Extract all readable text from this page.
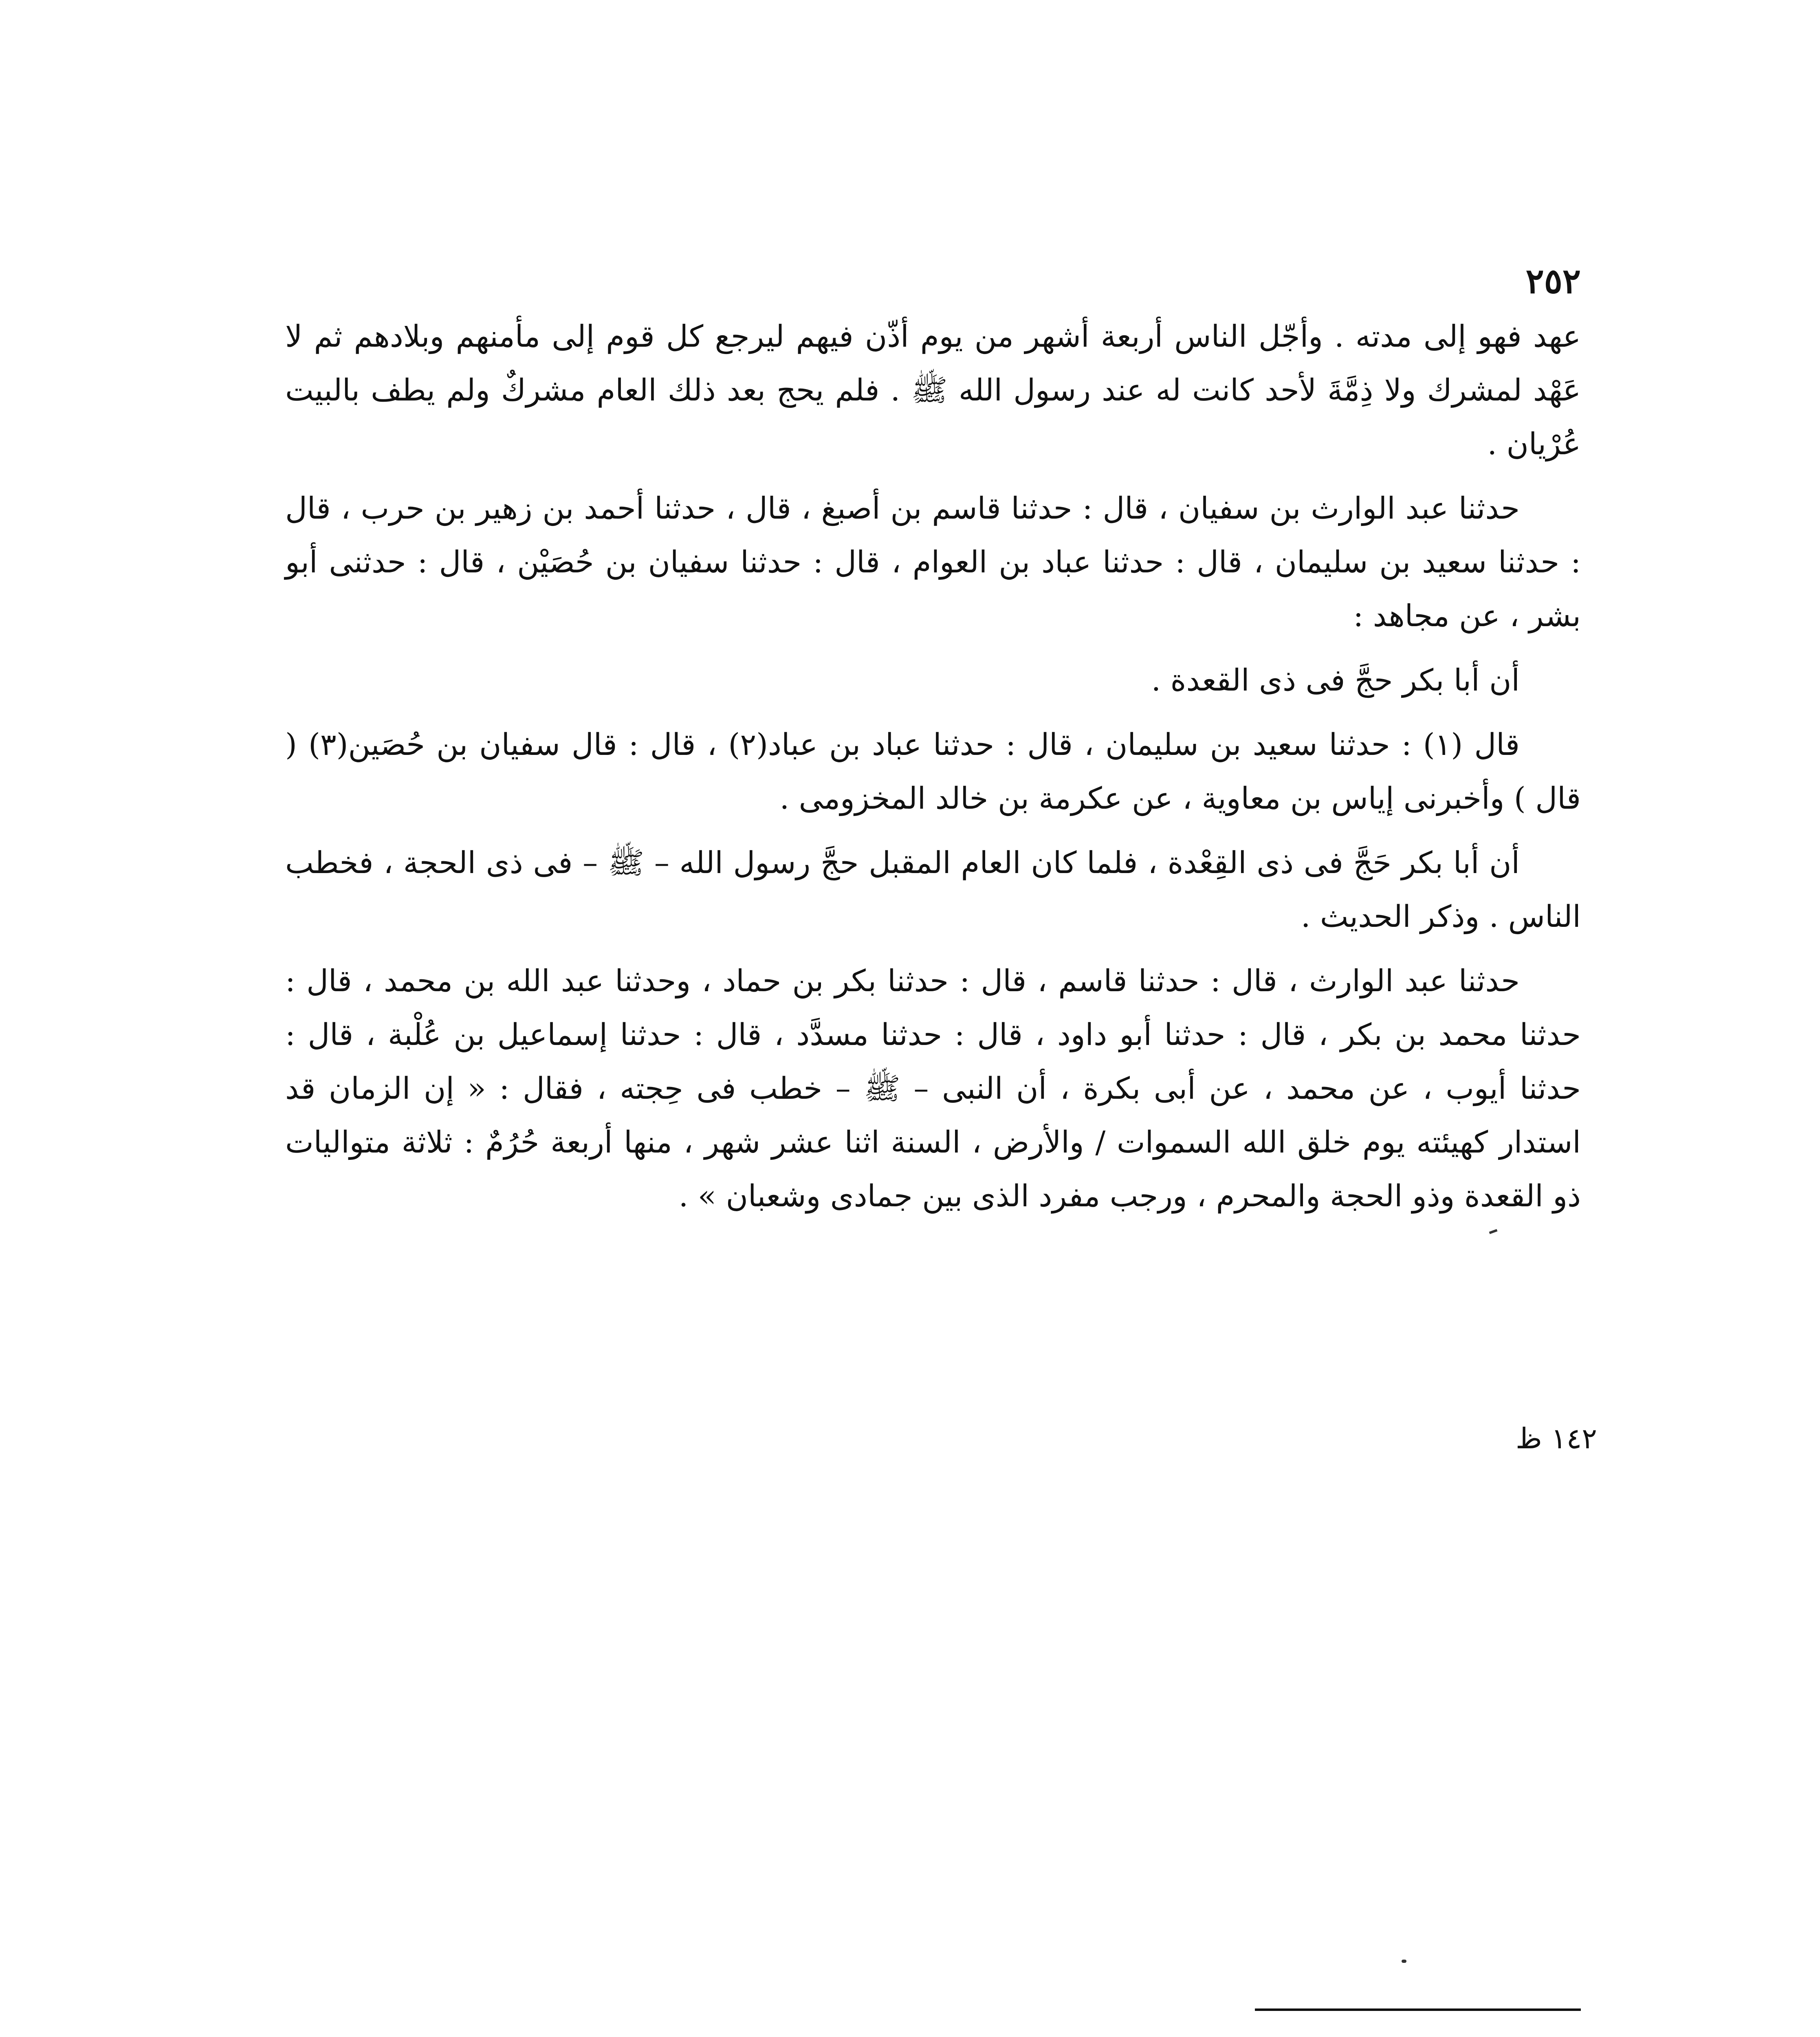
٢٥٢

عهد فهو إلى مدته . وأجّل الناس أربعة أشهر من يوم أذّن فيهم ليرجع كل قوم إلى مأمنهم وبلادهم ثم لا عَهْد لمشرك ولا ذِمَّةَ لأحد كانت له عند رسول الله ﷺ . فلم يحج بعد ذلك العام مشركٌ ولم يطف بالبيت عُرْيان .

حدثنا عبد الوارث بن سفيان ، قال : حدثنا قاسم بن أصبغ ، قال ، حدثنا أحمد بن زهير بن حرب ، قال : حدثنا سعيد بن سليمان ، قال : حدثنا عباد بن العوام ، قال : حدثنا سفيان بن حُصَيْن ، قال : حدثنى أبو بشر ، عن مجاهد :

أن أبا بكر حجَّ فى ذى القعدة .

قال (١) : حدثنا سعيد بن سليمان ، قال : حدثنا عباد بن عباد(٢) ، قال : قال سفيان بن حُصَين(٣) ( قال ) وأخبرنى إياس بن معاوية ، عن عكرمة بن خالد المخزومى .

أن أبا بكر حَجَّ فى ذى القِعْدة ، فلما كان العام المقبل حجَّ رسول الله – ﷺ – فى ذى الحجة ، فخطب الناس . وذكر الحديث .

حدثنا عبد الوارث ، قال : حدثنا قاسم ، قال : حدثنا بكر بن حماد ، وحدثنا عبد الله بن محمد ، قال : حدثنا محمد بن بكر ، قال : حدثنا أبو داود ، قال : حدثنا مسدَّد ، قال : حدثنا إسماعيل بن عُلْبة ، قال : حدثنا أيوب ، عن محمد ، عن أبى بكرة ، أن النبى – ﷺ – خطب فى حِجته ، فقال : « إن الزمان قد استدار كهيئته يوم خلق الله السموات / والأرض ، السنة اثنا عشر شهر ، منها أربعة حُرُمٌ : ثلاثة متواليات ذو القعدة وذو الحجة والمحرم ، ورجب مفرد الذى بين جمادى وشعبان » .

١٤٢ ظ
